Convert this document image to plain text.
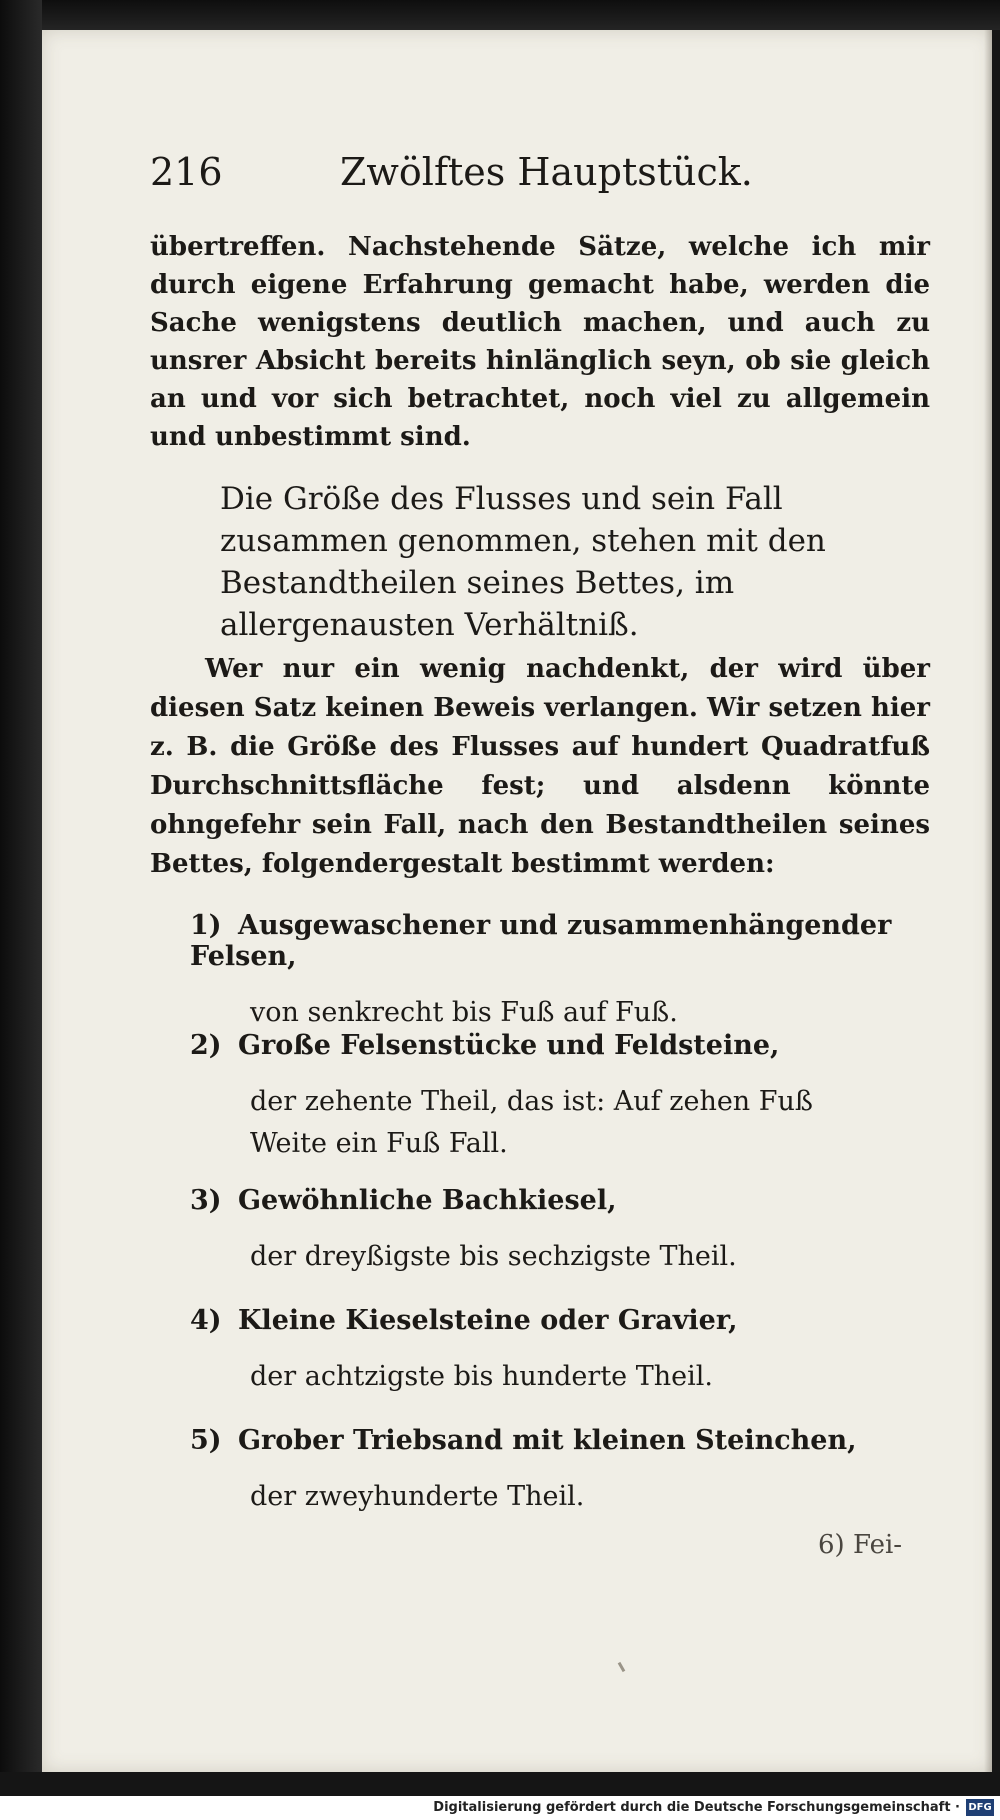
216	Zwölftes Hauptstück.
übertreffen. Nachstehende Sätze, welche ich mir durch eigene Erfahrung gemacht habe, werden die Sache wenigstens deutlich machen, und auch zu unsrer Absicht bereits hinlänglich seyn, ob sie gleich an und vor sich betrachtet, noch viel zu allgemein und unbestimmt sind.
Die Größe des Flusses und sein Fall zusammen genommen, stehen mit den Bestandtheilen seines Bettes, im allergenausten Verhältniß.
Wer nur ein wenig nachdenkt, der wird über diesen Satz keinen Beweis verlangen. Wir setzen hier z. B. die Größe des Flusses auf hundert Quadratfuß Durchschnittsfläche fest; und alsdenn könnte ohngefehr sein Fall, nach den Bestandtheilen seines Bettes, folgendergestalt bestimmt werden:
1) Ausgewaschener und zusammenhängender Felsen,
von senkrecht bis Fuß auf Fuß.
2) Große Felsenstücke und Feldsteine,
der zehente Theil, das ist: Auf zehen Fuß Weite ein Fuß Fall.
3) Gewöhnliche Bachkiesel,
der dreyßigste bis sechzigste Theil.
4) Kleine Kieselsteine oder Gravier,
der achtzigste bis hunderte Theil.
5) Grober Triebsand mit kleinen Steinchen,
der zweyhunderte Theil.
6) Fei-
Digitalisierung gefördert durch die Deutsche Forschungsgemeinschaft · DFG
